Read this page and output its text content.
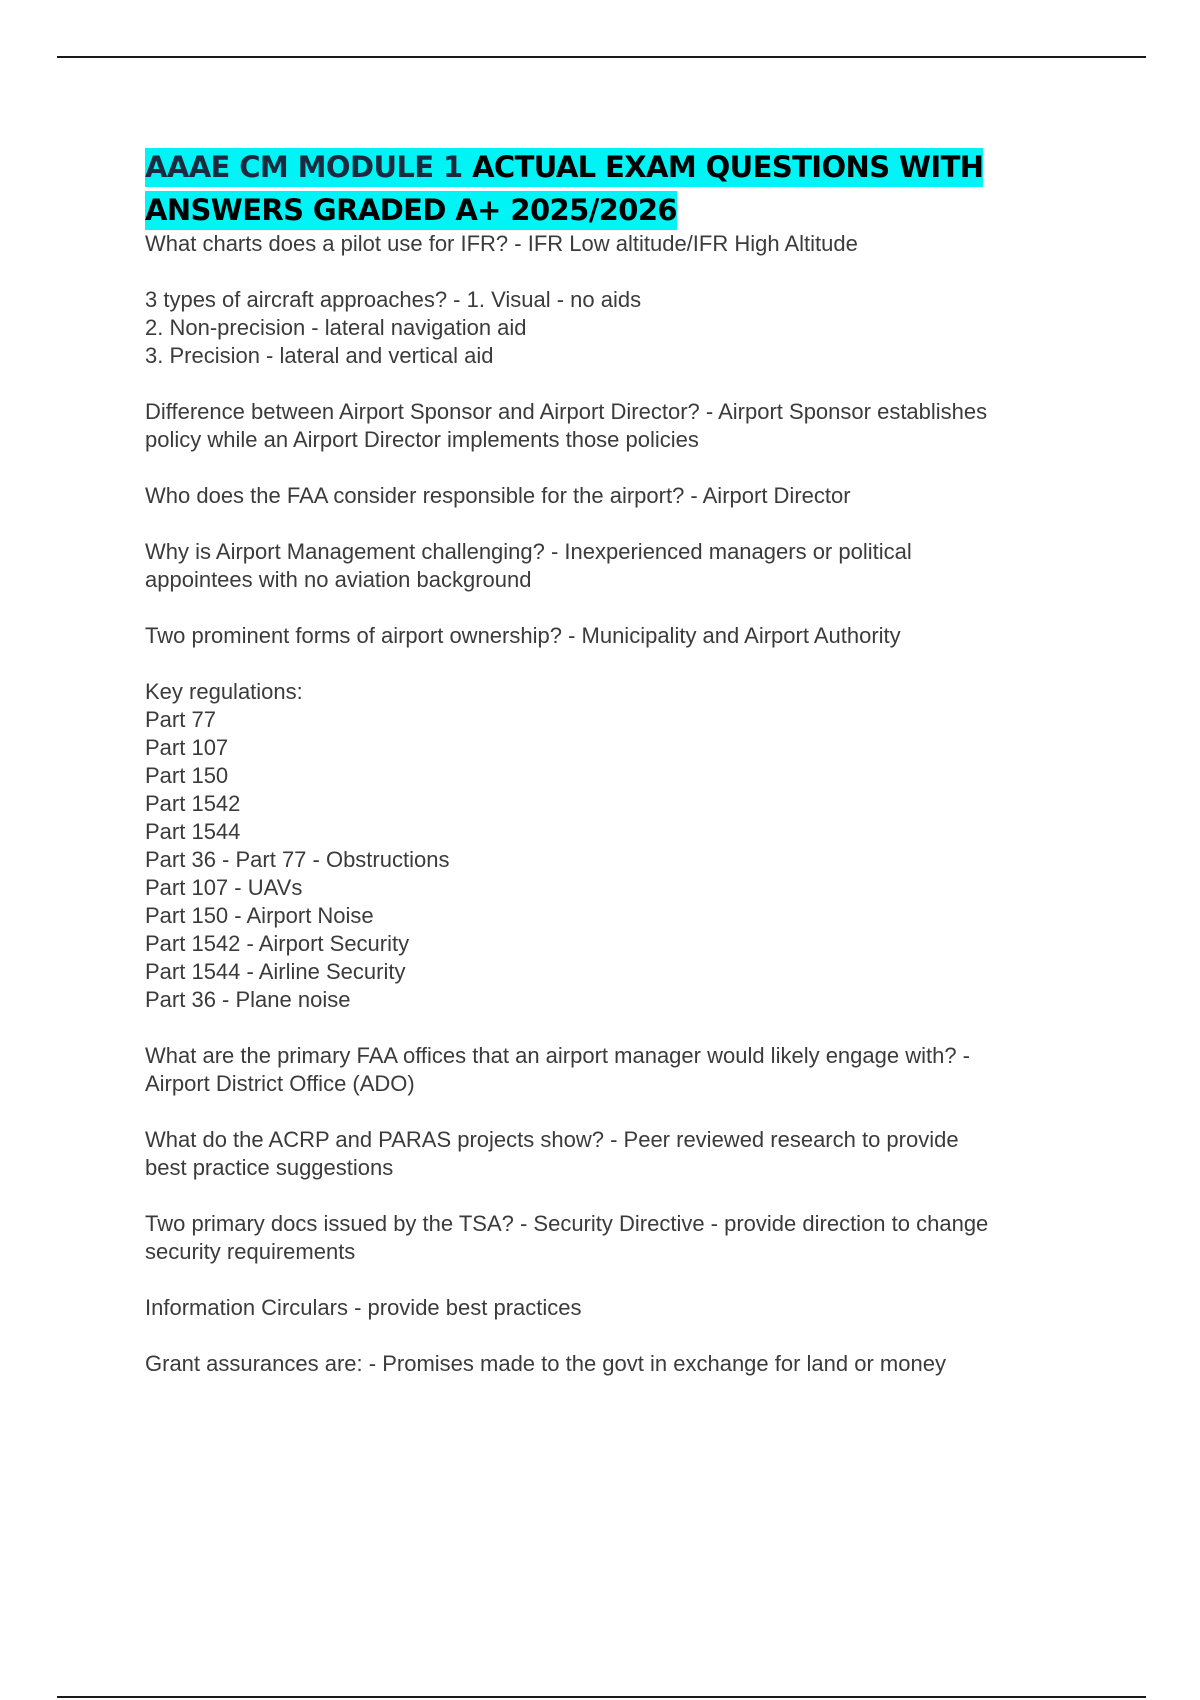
AAAE CM MODULE 1 ACTUAL EXAM QUESTIONS WITH ANSWERS GRADED A+ 2025/2026
What charts does a pilot use for IFR? - IFR Low altitude/IFR High Altitude
3 types of aircraft approaches? - 1. Visual - no aids
2. Non-precision - lateral navigation aid
3. Precision - lateral and vertical aid
Difference between Airport Sponsor and Airport Director? - Airport Sponsor establishes
policy while an Airport Director implements those policies
Who does the FAA consider responsible for the airport? - Airport Director
Why is Airport Management challenging? - Inexperienced managers or political
appointees with no aviation background
Two prominent forms of airport ownership? - Municipality and Airport Authority
Key regulations:
Part 77
Part 107
Part 150
Part 1542
Part 1544
Part 36 - Part 77 - Obstructions
Part 107 - UAVs
Part 150 - Airport Noise
Part 1542 - Airport Security
Part 1544 - Airline Security
Part 36 - Plane noise
What are the primary FAA offices that an airport manager would likely engage with? -
Airport District Office (ADO)
What do the ACRP and PARAS projects show? - Peer reviewed research to provide
best practice suggestions
Two primary docs issued by the TSA? - Security Directive - provide direction to change
security requirements
Information Circulars - provide best practices
Grant assurances are: - Promises made to the govt in exchange for land or money
